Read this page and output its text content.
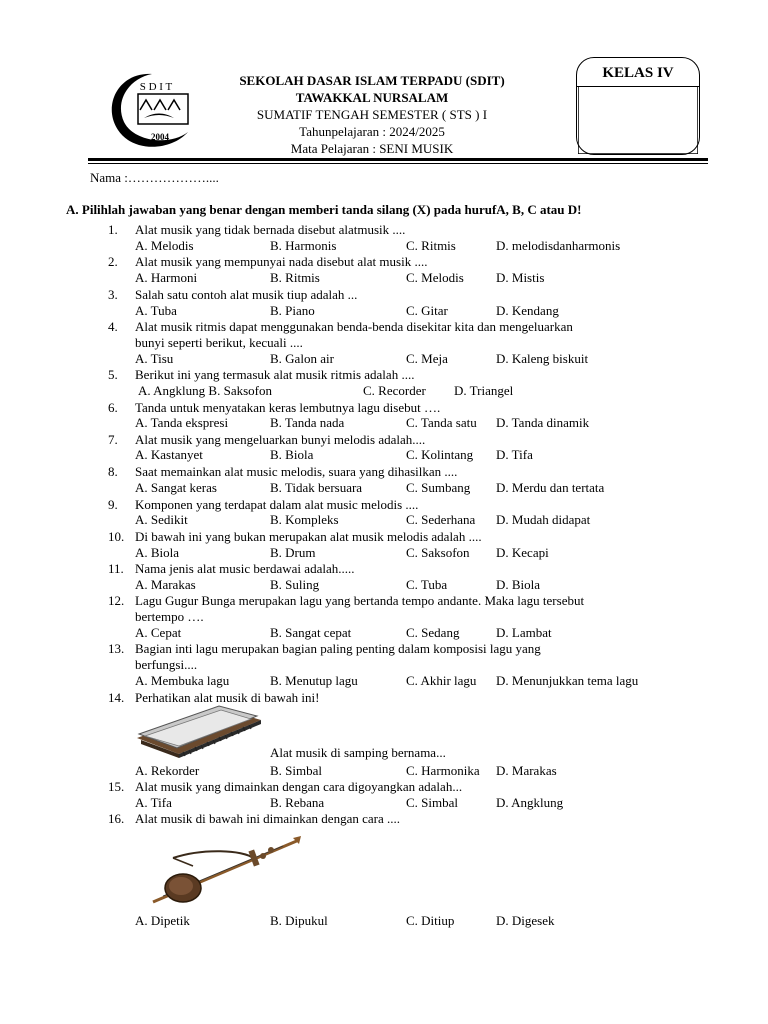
S D I T
2004
SEKOLAH DASAR ISLAM TERPADU (SDIT)
TAWAKKAL NURSALAM
SUMATIF TENGAH SEMESTER ( STS ) I
Tahunpelajaran : 2024/2025
Mata Pelajaran : SENI MUSIK
KELAS IV
Nama :………………....
A. Pilihlah jawaban yang benar dengan memberi tanda silang (X) pada hurufA, B, C atau D!
1. Alat musik yang tidak bernada disebut alatmusik ....
A. Melodis	B. Harmonis	C. Ritmis	D. melodisdanharmonis
2. Alat musik yang mempunyai nada disebut alat musik ....
A. Harmoni	B. Ritmis	C. Melodis D. Mistis
3. Salah satu contoh alat musik tiup adalah ...
A. Tuba	B. Piano	C. Gitar	D. Kendang
4. Alat musik ritmis dapat menggunakan benda-benda disekitar kita dan mengeluarkan
bunyi seperti berikut, kecuali ....
A. Tisu	B. Galon air	C. Meja	D. Kaleng biskuit
5. Berikut ini yang termasuk alat musik ritmis adalah ....
A. Angklung B. Saksofon	C. Recorder D. Triangel
6. Tanda untuk menyatakan keras lembutnya lagu disebut ….
A. Tanda ekspresi	B. Tanda nada	C. Tanda satu D. Tanda dinamik
7. Alat musik yang mengeluarkan bunyi melodis adalah....
A. Kastanyet	B. Biola	C. Kolintang D. Tifa
8. Saat memainkan alat music melodis, suara yang dihasilkan ....
A. Sangat keras	B. Tidak bersuara	C. Sumbang D. Merdu dan tertata
9. Komponen yang terdapat dalam alat music melodis ....
A. Sedikit	B. Kompleks	C. Sederhana D. Mudah didapat
10. Di bawah ini yang bukan merupakan alat musik melodis adalah ....
A. Biola	B. Drum	C. Saksofon D. Kecapi
11. Nama jenis alat music berdawai adalah.....
A. Marakas	B. Suling	C. Tuba	D. Biola
12. Lagu Gugur Bunga merupakan lagu yang bertanda tempo andante. Maka lagu tersebut
bertempo ….
A. Cepat	B. Sangat cepat	C. Sedang	D. Lambat
13. Bagian inti lagu merupakan bagian paling penting dalam komposisi lagu yang
berfungsi....
A. Membuka lagu	B. Menutup lagu	C. Akhir lagu D. Menunjukkan tema lagu
14. Perhatikan alat musik di bawah ini!
Alat musik di samping bernama...
A. Rekorder	B. Simbal	C. Harmonika D. Marakas
15. Alat musik yang dimainkan dengan cara digoyangkan adalah...
A. Tifa	B. Rebana	C. Simbal	D. Angklung
16. Alat musik di bawah ini dimainkan dengan cara ....
A. Dipetik	B. Dipukul	C. Ditiup	D. Digesek
